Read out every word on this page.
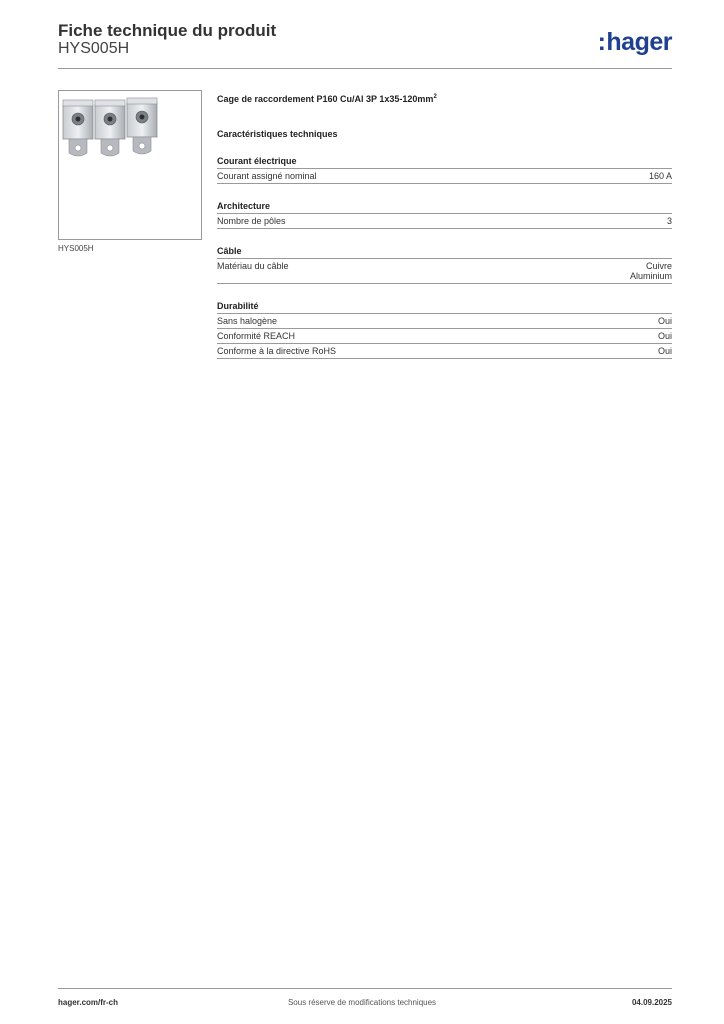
Fiche technique du produit
HYS005H	:hager
HYS005H
Cage de raccordement P160 Cu/Al 3P $1x35-120mm^2$
Caractéristiques techniques
Courant électrique
Courant assigné nominal	160 A
Architecture
Nombre de pôles	3
Câble
Matériau du câble	Cuivre
Aluminium
Durabilité
Sans halogène	Oui
Conformité REACH	Oui
Conforme à la directive RoHS	Oui
hager.com/fr-ch	Sous réserve de modifications techniques	04.09.2025
